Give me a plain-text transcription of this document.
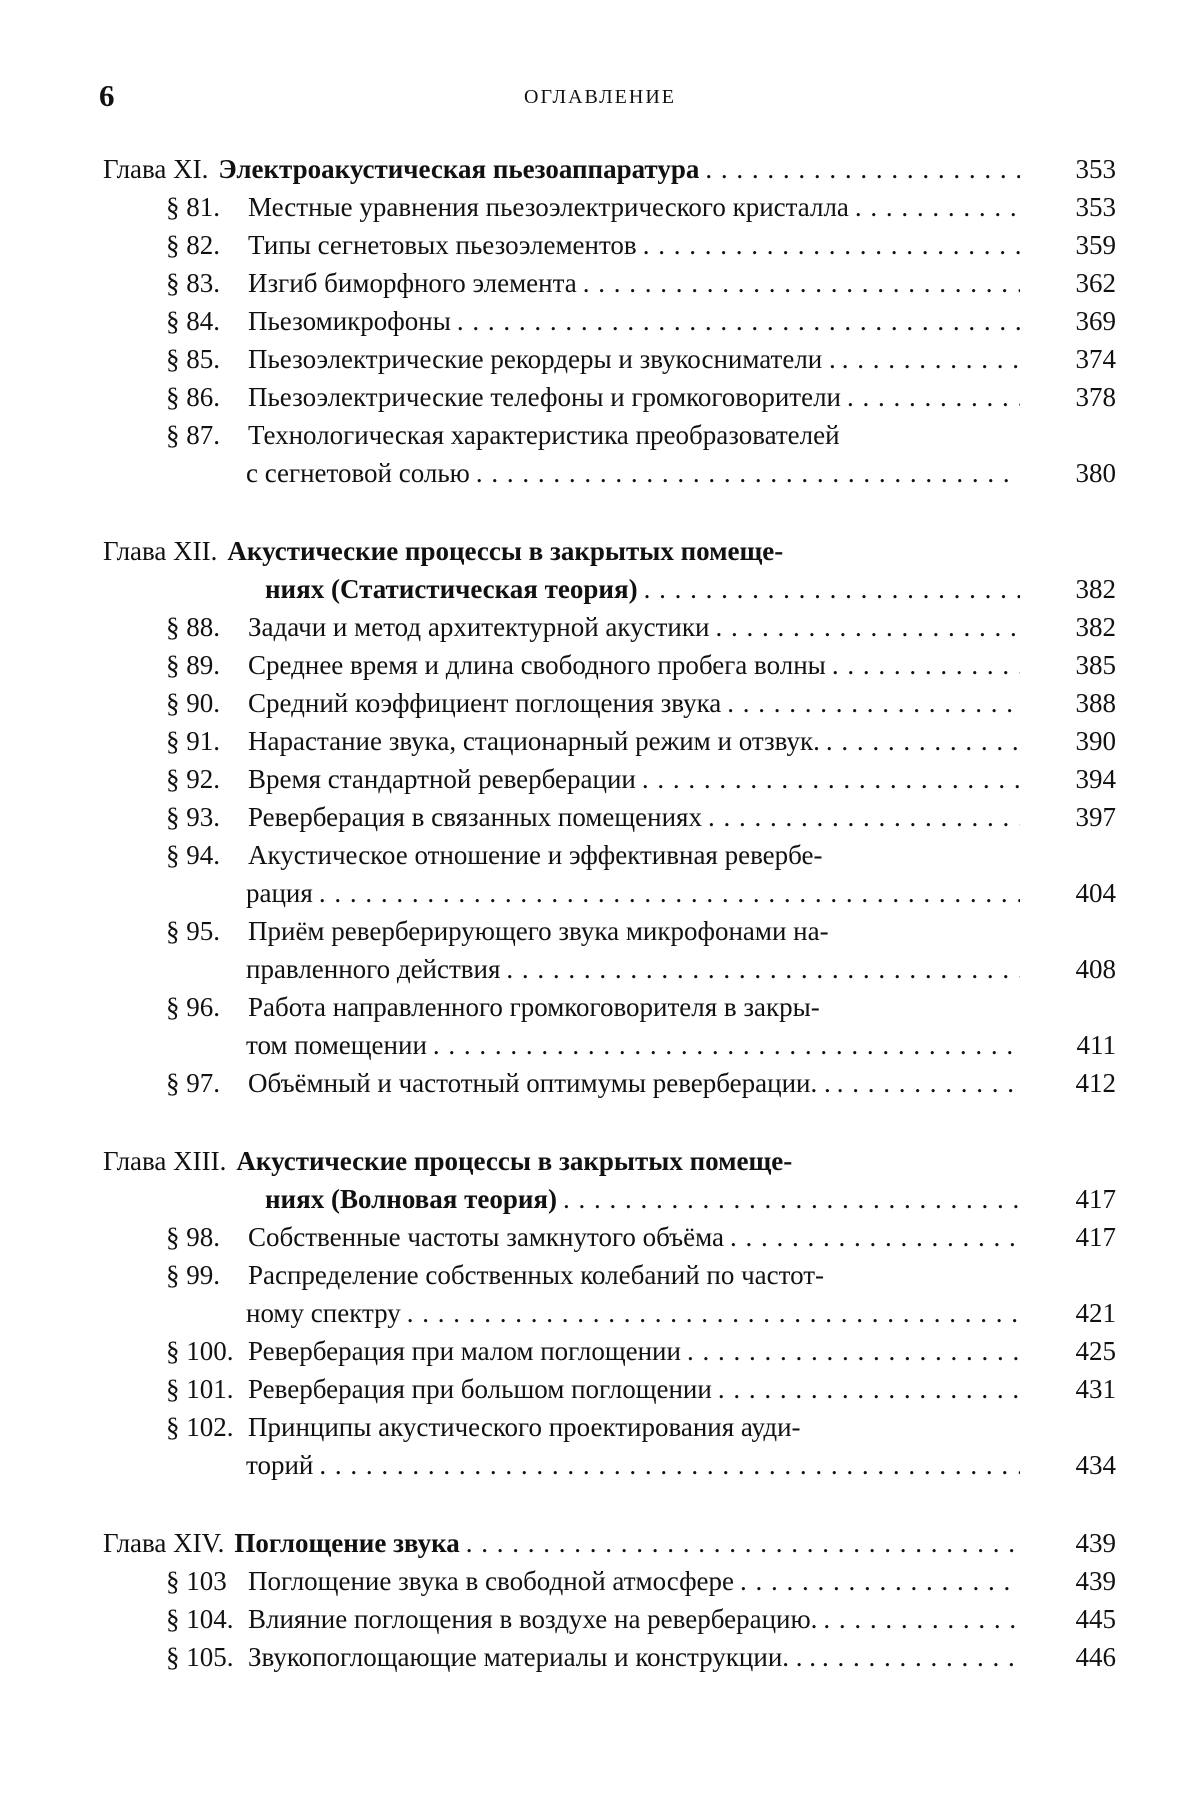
6	ОГЛАВЛЕНИЕ
Глава XI. Электроакустическая пьезоаппаратура . . .	353
§ 81. Местные уравнения пьезоэлектрического кристалла . . .	353
§ 82. Типы сегнетовых пьезоэлементов . . .	359
§ 83. Изгиб биморфного элемента . . .	362
§ 84. Пьезомикрофоны . . .	369
§ 85. Пьезоэлектрические рекордеры и звукосниматели . . . .	374
§ 86. Пьезоэлектрические телефоны и громкоговорители . . .	378
§ 87. Технологическая характеристика преобразователей
с сегнетовой солью . . .	380
Глава XII. Акустические процессы в закрытых помеще-
ниях (Статистическая теория) . . .	382
§ 88. Задачи и метод архитектурной акустики . . .	382
§ 89. Среднее время и длина свободного пробега волны . . .	385
§ 90. Средний коэффициент поглощения звука . . .	388
§ 91. Нарастание звука, стационарный режим и отзвук. . . .	390
§ 92. Время стандартной реверберации . . .	394
§ 93. Реверберация в связанных помещениях . . .	397
§ 94. Акустическое отношение и эффективная ревербе-
рация . . .	404
§ 95. Приём реверберирующего звука микрофонами на-
правленного действия . . .	408
§ 96. Работа направленного громкоговорителя в закры-
том помещении . . .	411
§ 97. Объёмный и частотный оптимумы реверберации. . . . .	412
Глава XIII. Акустические процессы в закрытых помеще-
ниях (Волновая теория) . . .	417
§ 98. Собственные частоты замкнутого объёма . . .	417
§ 99. Распределение собственных колебаний по частот-
ному спектру . . .	421
§ 100. Реверберация при малом поглощении . . .	425
§ 101. Реверберация при большом поглощении . . .	431
§ 102. Принципы акустического проектирования ауди-
торий . . .	434
Глава XIV. Поглощение звука . . .	439
§ 103 Поглощение звука в свободной атмосфере . . .	439
§ 104. Влияние поглощения в воздухе на реверберацию. . . .	445
§ 105. Звукопоглощающие материалы и конструкции. . . . . .	446
